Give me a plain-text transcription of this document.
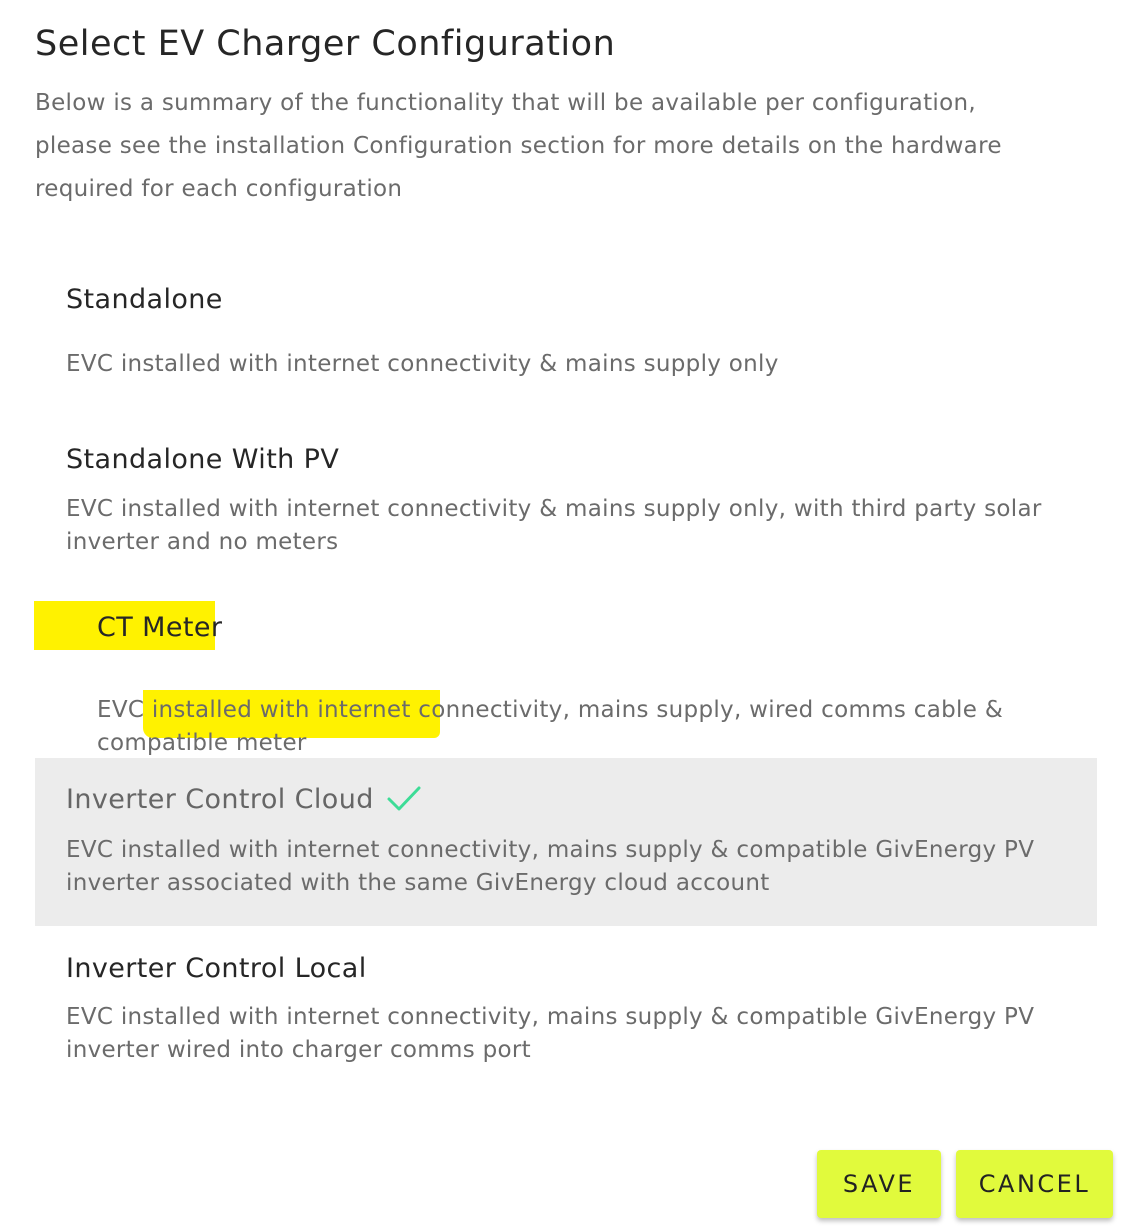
Select EV Charger Configuration

Below is a summary of the functionality that will be available per configuration, please see the installation Configuration section for more details on the hardware required for each configuration

Standalone
EVC installed with internet connectivity & mains supply only
Standalone With PV
EVC installed with internet connectivity & mains supply only, with third party solar inverter and no meters
CT Meter
EVC installed with internet connectivity, mains supply, wired comms cable & compatible meter
Inverter Control Cloud
EVC installed with internet connectivity, mains supply & compatible GivEnergy PV inverter associated with the same GivEnergy cloud account
Inverter Control Local
EVC installed with internet connectivity, mains supply & compatible GivEnergy PV inverter wired into charger comms port
SAVE	CANCEL
